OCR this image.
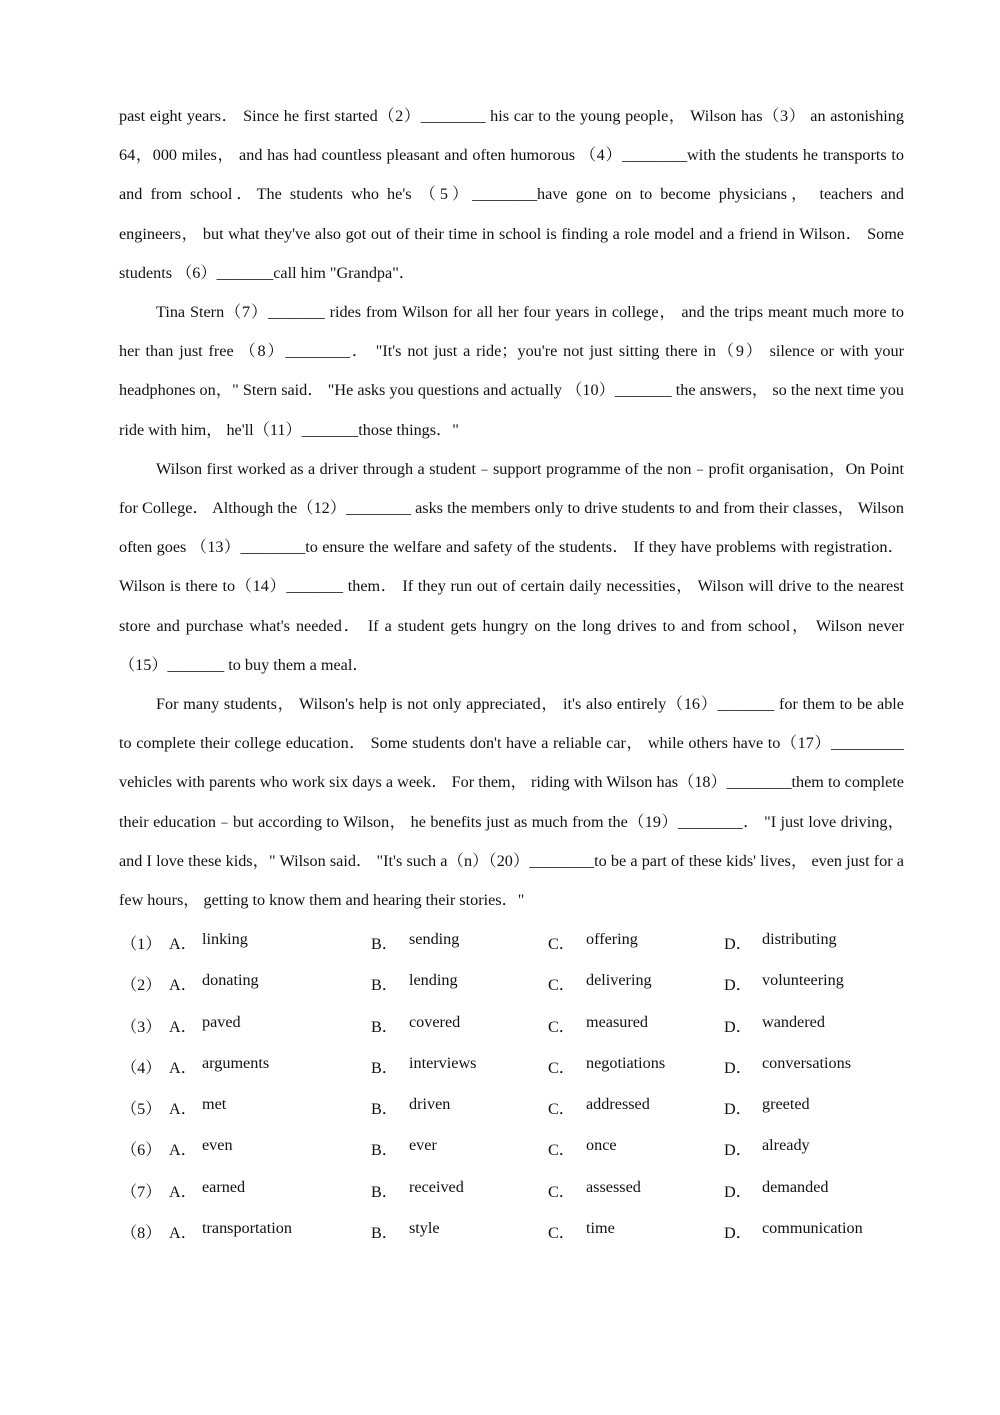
past eight years． Since he first started（2）________ his car to the young people， Wilson has（3） an astonishing 64，000 miles， and has had countless pleasant and often humorous （4）________with the students he transports to and from school．The students who he's （5）________have gone on to become physicians， teachers and engineers， but what they've also got out of their time in school is finding a role model and a friend in Wilson． Some students （6）_______call him "Grandpa"．

Tina Stern（7）_______ rides from Wilson for all her four years in college， and the trips meant much more to her than just free （8）________． "It's not just a ride；you're not just sitting there in（9） silence or with your headphones on，" Stern said． "He asks you questions and actually （10）_______ the answers， so the next time you ride with him， he'll（11）_______those things．"

Wilson first worked as a driver through a student﹣support programme of the non﹣profit organisation，On Point for College． Although the（12）________ asks the members only to drive students to and from their classes， Wilson often goes （13）________to ensure the welfare and safety of the students． If they have problems with registration． Wilson is there to（14）_______ them． If they run out of certain daily necessities， Wilson will drive to the nearest store and purchase what's needed． If a student gets hungry on the long drives to and from school， Wilson never （15）_______ to buy them a meal．

For many students， Wilson's help is not only appreciated， it's also entirely（16）_______ for them to be able to complete their college education． Some students don't have a reliable car， while others have to（17）_________ vehicles with parents who work six days a week． For them， riding with Wilson has（18）________them to complete their education﹣but according to Wilson， he benefits just as much from the（19）________． "I just love driving， and I love these kids，" Wilson said． "It's such a（n）（20）________to be a part of these kids' lives， even just for a few hours， getting to know them and hearing their stories．"

（1） A． linking	B． sending	C． offering	D． distributing
（2） A． donating	B． lending	C． delivering	D． volunteering
（3） A． paved	B． covered	C． measured	D． wandered
（4） A． arguments	B． interviews	C． negotiations	D． conversations
（5） A． met	B． driven	C． addressed	D． greeted
（6） A． even	B． ever	C． once	D． already
（7） A． earned	B． received	C． assessed	D． demanded
（8） A． transportation	B． style	C． time	D． communication
